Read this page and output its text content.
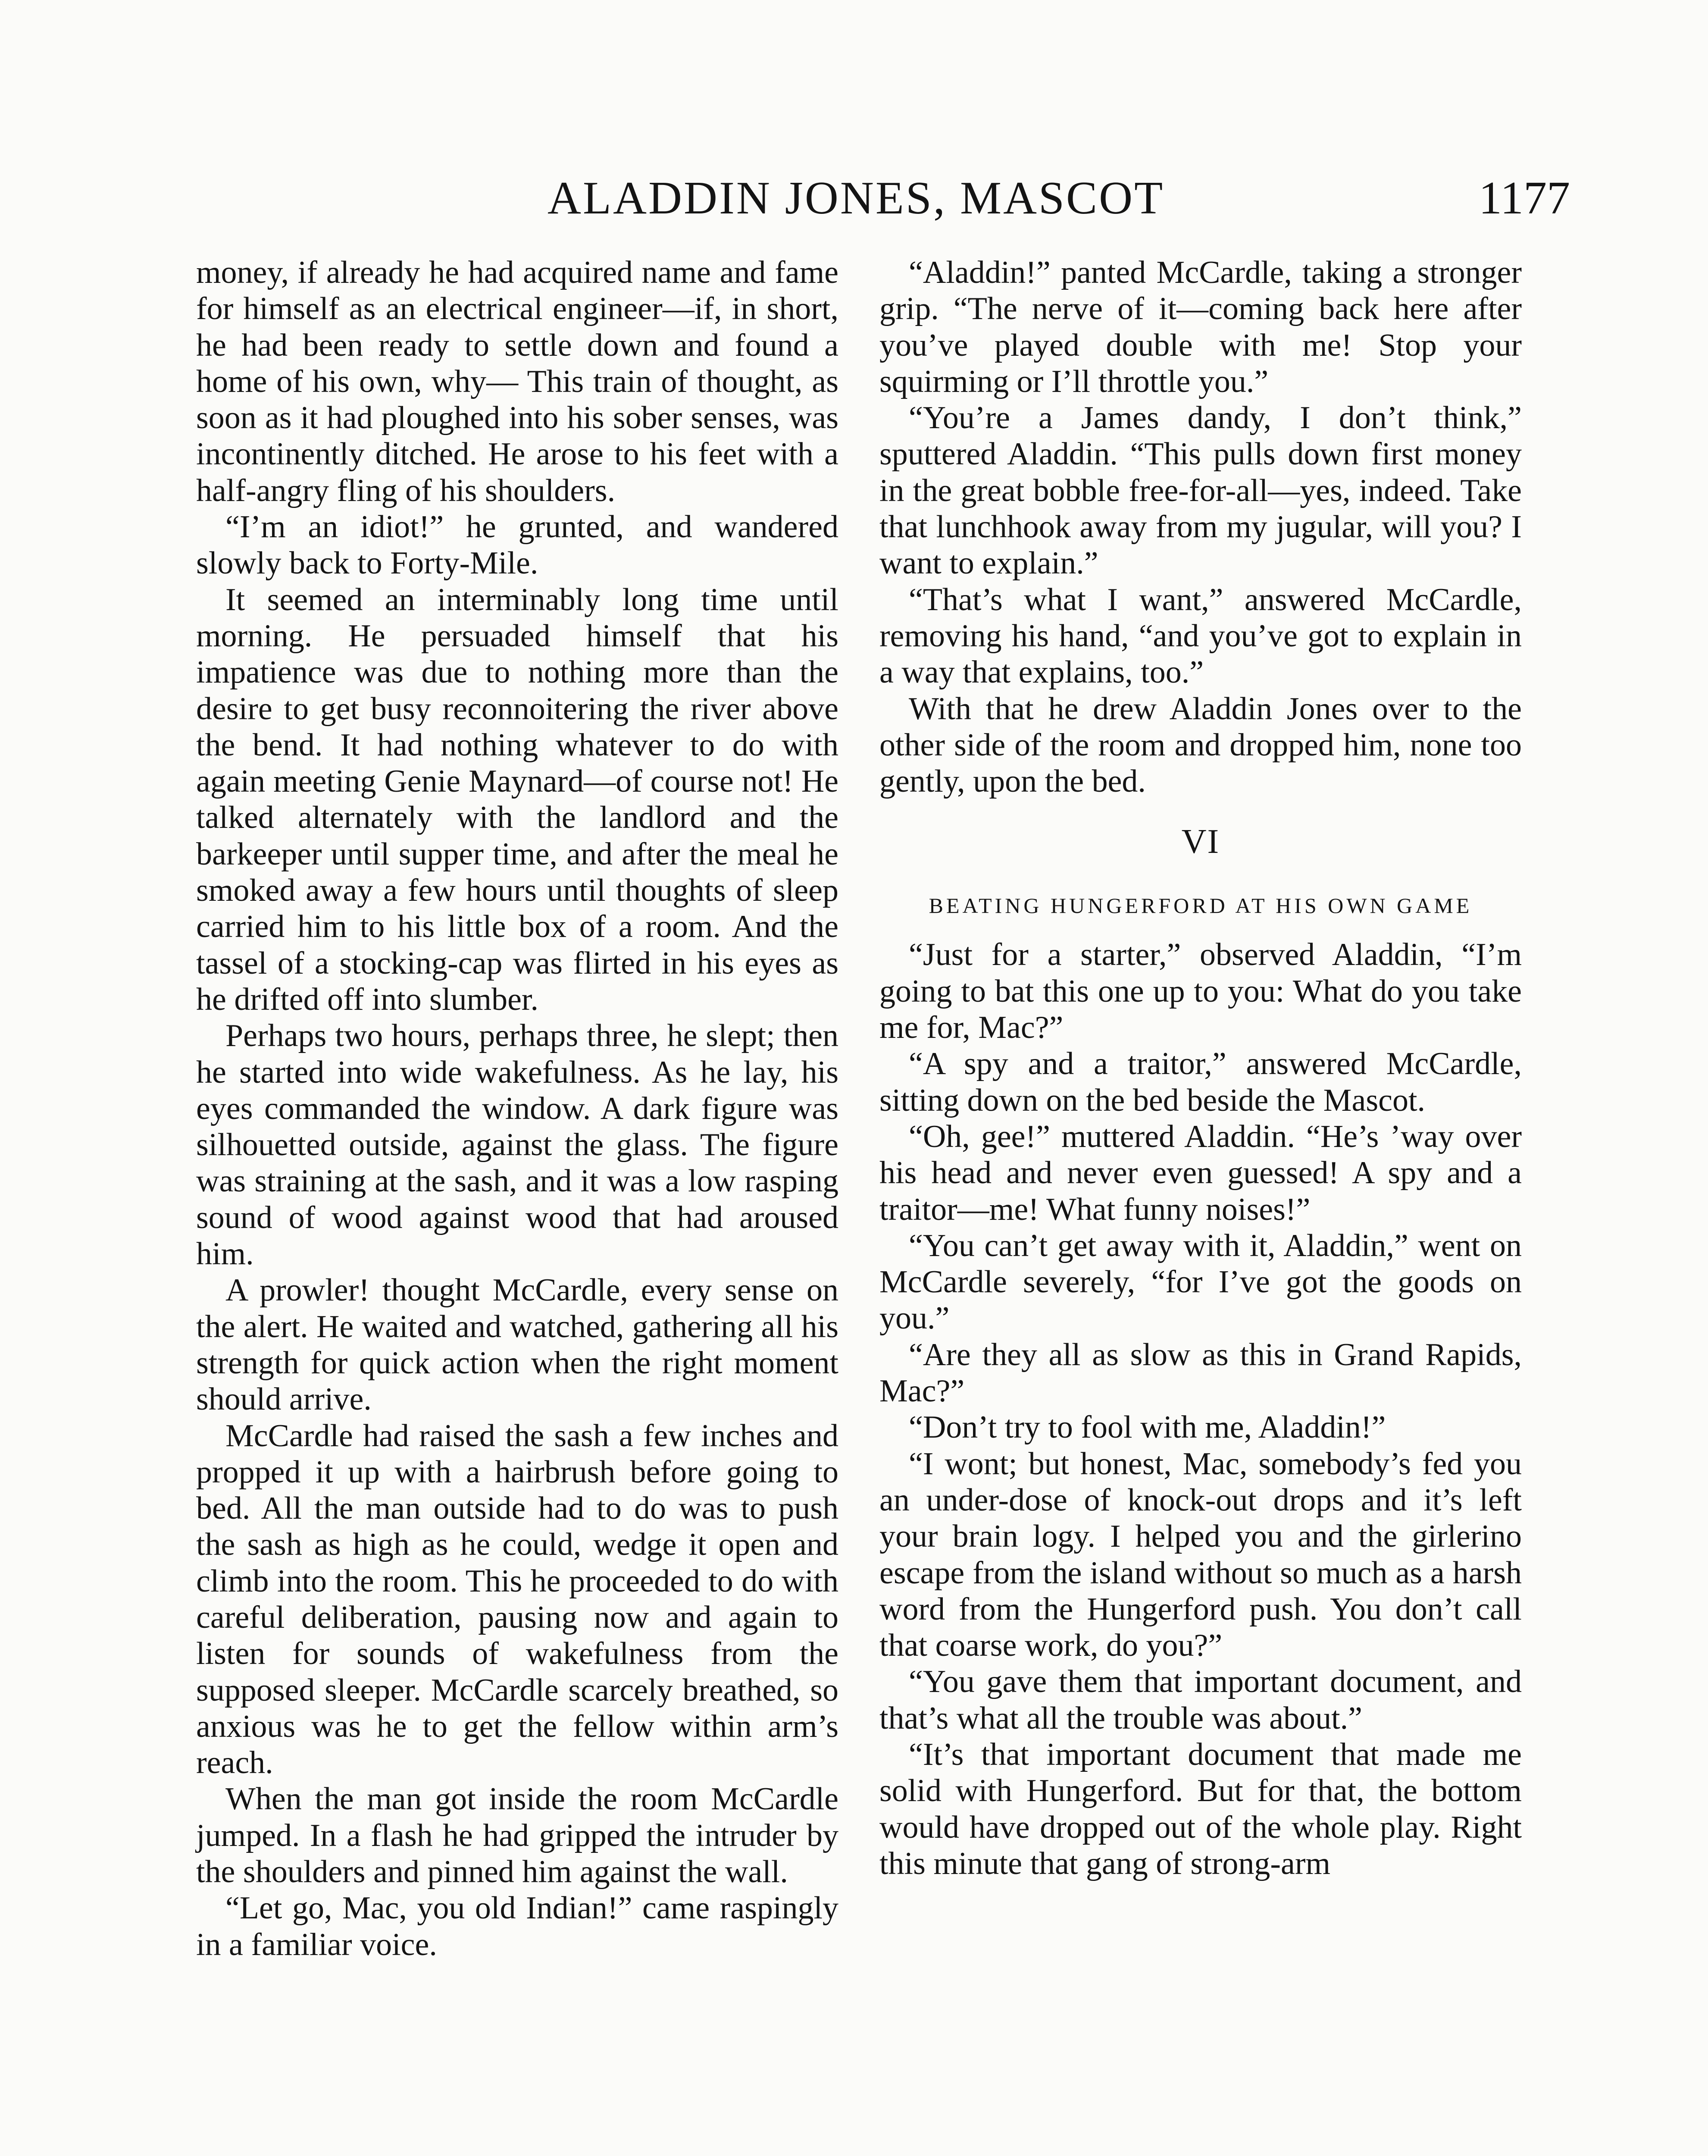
ALADDIN JONES, MASCOT	1177

money, if already he had acquired name and fame for himself as an electrical engineer—if, in short, he had been ready to settle down and found a home of his own, why— This train of thought, as soon as it had ploughed into his sober senses, was incontinently ditched. He arose to his feet with a half-angry fling of his shoulders.

“I’m an idiot!” he grunted, and wandered slowly back to Forty-Mile.

It seemed an interminably long time until morning. He persuaded himself that his impatience was due to nothing more than the desire to get busy reconnoitering the river above the bend. It had nothing whatever to do with again meeting Genie Maynard—of course not! He talked alternately with the landlord and the barkeeper until supper time, and after the meal he smoked away a few hours until thoughts of sleep carried him to his little box of a room. And the tassel of a stocking-cap was flirted in his eyes as he drifted off into slumber.

Perhaps two hours, perhaps three, he slept; then he started into wide wakefulness. As he lay, his eyes commanded the window. A dark figure was silhouetted outside, against the glass. The figure was straining at the sash, and it was a low rasping sound of wood against wood that had aroused him.

A prowler! thought McCardle, every sense on the alert. He waited and watched, gathering all his strength for quick action when the right moment should arrive.

McCardle had raised the sash a few inches and propped it up with a hairbrush before going to bed. All the man outside had to do was to push the sash as high as he could, wedge it open and climb into the room. This he proceeded to do with careful deliberation, pausing now and again to listen for sounds of wakefulness from the supposed sleeper. McCardle scarcely breathed, so anxious was he to get the fellow within arm’s reach.

When the man got inside the room McCardle jumped. In a flash he had gripped the intruder by the shoulders and pinned him against the wall.

“Let go, Mac, you old Indian!” came raspingly in a familiar voice.

“Aladdin!” panted McCardle, taking a stronger grip. “The nerve of it—coming back here after you’ve played double with me! Stop your squirming or I’ll throttle you.”

“You’re a James dandy, I don’t think,” sputtered Aladdin. “This pulls down first money in the great bobble free-for-all—yes, indeed. Take that lunchhook away from my jugular, will you? I want to explain.”

“That’s what I want,” answered McCardle, removing his hand, “and you’ve got to explain in a way that explains, too.”

With that he drew Aladdin Jones over to the other side of the room and dropped him, none too gently, upon the bed.

VI
BEATING HUNGERFORD AT HIS OWN GAME

“Just for a starter,” observed Aladdin, “I’m going to bat this one up to you: What do you take me for, Mac?”

“A spy and a traitor,” answered McCardle, sitting down on the bed beside the Mascot.

“Oh, gee!” muttered Aladdin. “He’s ’way over his head and never even guessed! A spy and a traitor—me! What funny noises!”

“You can’t get away with it, Aladdin,” went on McCardle severely, “for I’ve got the goods on you.”

“Are they all as slow as this in Grand Rapids, Mac?”

“Don’t try to fool with me, Aladdin!”

“I wont; but honest, Mac, somebody’s fed you an under-dose of knock-out drops and it’s left your brain logy. I helped you and the girlerino escape from the island without so much as a harsh word from the Hungerford push. You don’t call that coarse work, do you?”

“You gave them that important document, and that’s what all the trouble was about.”

“It’s that important document that made me solid with Hungerford. But for that, the bottom would have dropped out of the whole play. Right this minute that gang of strong-arm
